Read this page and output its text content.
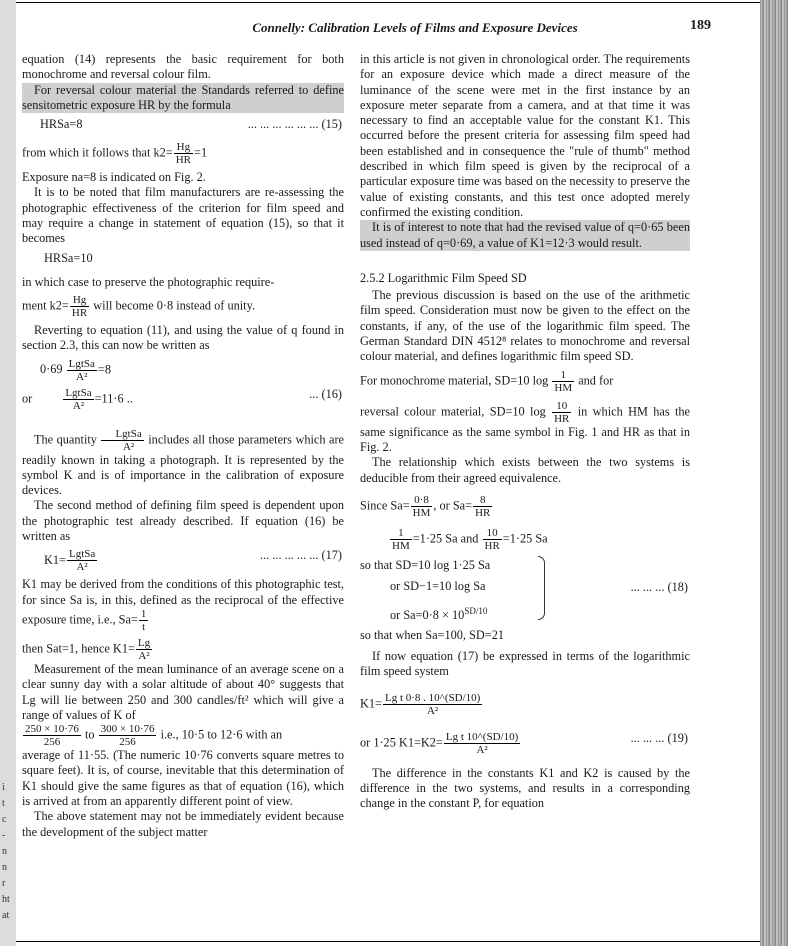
i
t
c
-
n
n
r
ht
at
Connelly: Calibration Levels of Films and Exposure Devices	189

equation (14) represents the basic requirement for both monochrome and reversal colour film.

For reversal colour material the Standards referred to define sensitometric exposure HR by the formula

HRSa=8	... ... ... ... ... ... (15)
from which it follows that $k2= \frac{Hg}{HR} =1$

Exposure na=8 is indicated on Fig. 2.

It is to be noted that film manufacturers are re-assessing the photographic effectiveness of the criterion for film speed and may require a change in statement of equation (15), so that it becomes

HRSa=10

in which case to preserve the photographic require-

ment $k2= \frac{Hg}{HR}$ will become 0·8 instead of unity.

Reverting to equation (11), and using the value of q found in section 2.3, this can now be written as

$0\cdot 69 \frac{\text{LgtSa}}{\text{A²}} =8$
or	$\frac{\text{LgtSa}}{\text{A²}} =11\cdot 6$ ..	... (16)

The quantity $\frac{\text{LgtSa}}{\text{A²}}$ includes all those parameters which are readily known in taking a photograph. It is represented by the symbol K and is of importance in the calibration of exposure devices.

The second method of defining film speed is dependent upon the photographic test already described. If equation (16) be written as

$K1= \frac{\text{LgtSa}}{\text{A²}}$	... ... ... ... ... (17)

K1 may be derived from the conditions of this photographic test, for since Sa is, in this, defined as the reciprocal of the effective exposure time, i.e., $Sa= \frac{1}{t}$

then Sat=1, hence $K1= \frac{Lg}{\text{A²}}$

Measurement of the mean luminance of an average scene on a clear sunny day with a solar altitude of about 40° suggests that Lg will lie between 250 and 300 candles/ft² which will give a range of values of K of

$\frac{250 \times 10\cdot 76}{256}$ to $\frac{300 \times 10\cdot 76}{256} i.e$., 10·5 to 12·6 with an

average of 11·55. (The numeric 10·76 converts square metres to square feet). It is, of course, inevitable that this determination of K1 should give the same figures as that of equation (16), which is arrived at from an apparently different point of view.

The above statement may not be immediately evident because the development of the subject matter

in this article is not given in chronological order. The requirements for an exposure device which made a direct measure of the luminance of the scene were met in the first instance by an exposure meter separate from a camera, and at that time it was necessary to find an acceptable value for the constant K1. This occurred before the present criteria for assessing film speed had been established and in consequence the "rule of thumb" method described in which film speed is given by the reciprocal of a particular exposure time was based on the necessity to preserve the value of existing constants, and this test once adopted merely confirmed the existing condition.

It is of interest to note that had the revised value of q=0·65 been used instead of q=0·69, a value of K1=12·3 would result.

2.5.2 Logarithmic Film Speed SD

The previous discussion is based on the use of the arithmetic film speed. Consideration must now be given to the effect on the constants, if any, of the use of the logarithmic film speed. The German Standard DIN 4512⁸ relates to monochrome and reversal colour material, and defines logarithmic film speed SD.

For monochrome material, SD=10 $\log \frac{1}{HM}$ and for

reversal colour material, SD=10 $\log \frac{10}{HR}$ in which HM has the same significance as the same symbol in Fig. 1 and HR as that in Fig. 2.

The relationship which exists between the two systems is deducible from their agreed equivalence.

Since $Sa= \frac{0\cdot 8}{HM}$ , or $Sa= \frac{8}{HR}$
$\frac{1}{HM} =1\cdot 25$ Sa and $\frac{10}{HR} =1\cdot 25$ Sa
so that SD=10 log 1·25 Sa
or SD−1=10 log Sa
or $Sa=0\cdot 8 \times 10^{SD/10}$
... ... ... (18)

so that when Sa=100, SD=21

If now equation (17) be expressed in terms of the logarithmic film speed system

$K1= \frac{\text{Lg t 0·8 . 10\textasciicircum{}(SD/10)}}{\text{A²}}$
or 1·25 $K1=K2= \frac{\text{Lg t 10\textasciicircum{}(SD/10)}}{\text{A²}}$	... ... ... (19)

The difference in the constants K1 and K2 is caused by the difference in the two systems, and results in a corresponding change in the constant P, for equation
